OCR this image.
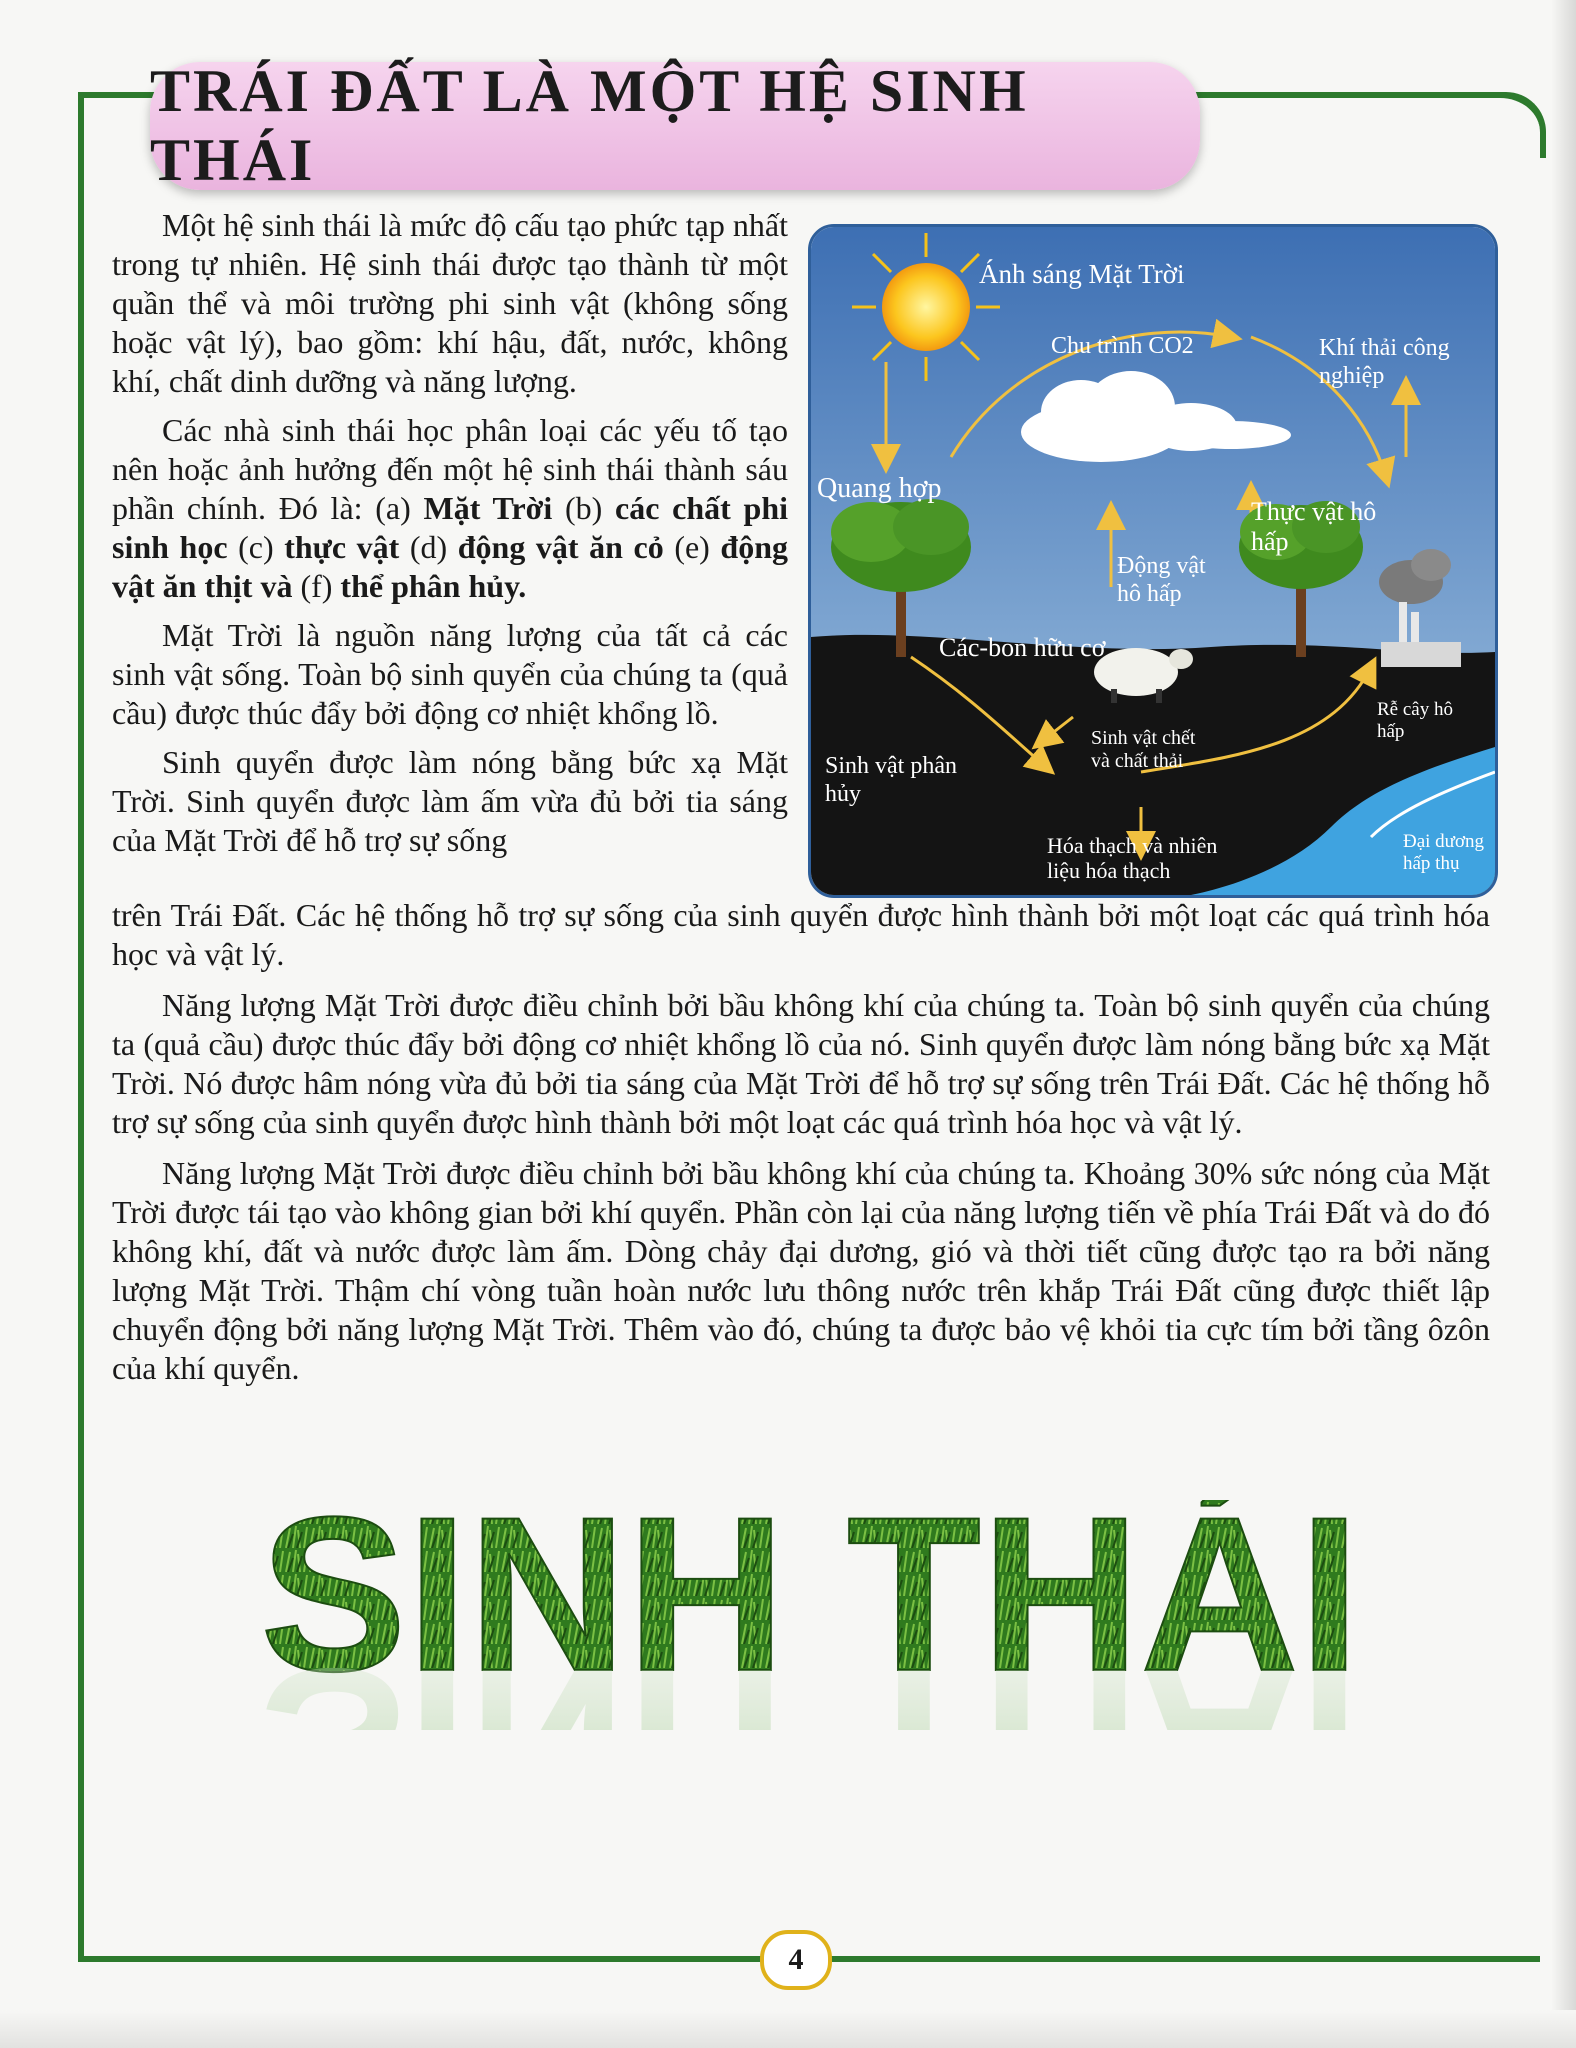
TRÁI ĐẤT LÀ MỘT HỆ SINH THÁI

Một hệ sinh thái là mức độ cấu tạo phức tạp nhất trong tự nhiên. Hệ sinh thái được tạo thành từ một quần thể và môi trường phi sinh vật (không sống hoặc vật lý), bao gồm: khí hậu, đất, nước, không khí, chất dinh dưỡng và năng lượng.

Các nhà sinh thái học phân loại các yếu tố tạo nên hoặc ảnh hưởng đến một hệ sinh thái thành sáu phần chính. Đó là: (a) Mặt Trời (b) các chất phi sinh học (c) thực vật (d) động vật ăn cỏ (e) động vật ăn thịt và (f) thể phân hủy.

Mặt Trời là nguồn năng lượng của tất cả các sinh vật sống. Toàn bộ sinh quyển của chúng ta (quả cầu) được thúc đẩy bởi động cơ nhiệt khổng lồ.

Sinh quyển được làm nóng bằng bức xạ Mặt Trời. Sinh quyển được làm ấm vừa đủ bởi tia sáng của Mặt Trời để hỗ trợ sự sống

Ánh sáng Mặt Trời
Chu trình CO2	Khí thải công
nghiệp
Quang hợp
Thực vật hô
hấp
Động vật
hô hấp
Các-bon hữu cơ
Rễ cây hô
hấp
Sinh vật chết
và chất thải
Sinh vật phân
hủy
Hóa thạch và nhiên
liệu hóa thạch
Đại dương
hấp thụ

trên Trái Đất. Các hệ thống hỗ trợ sự sống của sinh quyển được hình thành bởi một loạt các quá trình hóa học và vật lý.

Năng lượng Mặt Trời được điều chỉnh bởi bầu không khí của chúng ta. Toàn bộ sinh quyển của chúng ta (quả cầu) được thúc đẩy bởi động cơ nhiệt khổng lồ của nó. Sinh quyển được làm nóng bằng bức xạ Mặt Trời. Nó được hâm nóng vừa đủ bởi tia sáng của Mặt Trời để hỗ trợ sự sống trên Trái Đất. Các hệ thống hỗ trợ sự sống của sinh quyển được hình thành bởi một loạt các quá trình hóa học và vật lý.

Năng lượng Mặt Trời được điều chỉnh bởi bầu không khí của chúng ta. Khoảng 30% sức nóng của Mặt Trời được tái tạo vào không gian bởi khí quyển. Phần còn lại của năng lượng tiến về phía Trái Đất và do đó không khí, đất và nước được làm ấm. Dòng chảy đại dương, gió và thời tiết cũng được tạo ra bởi năng lượng Mặt Trời. Thậm chí vòng tuần hoàn nước lưu thông nước trên khắp Trái Đất cũng được thiết lập chuyển động bởi năng lượng Mặt Trời. Thêm vào đó, chúng ta được bảo vệ khỏi tia cực tím bởi tầng ôzôn của khí quyển.

SINH THÁI
4
